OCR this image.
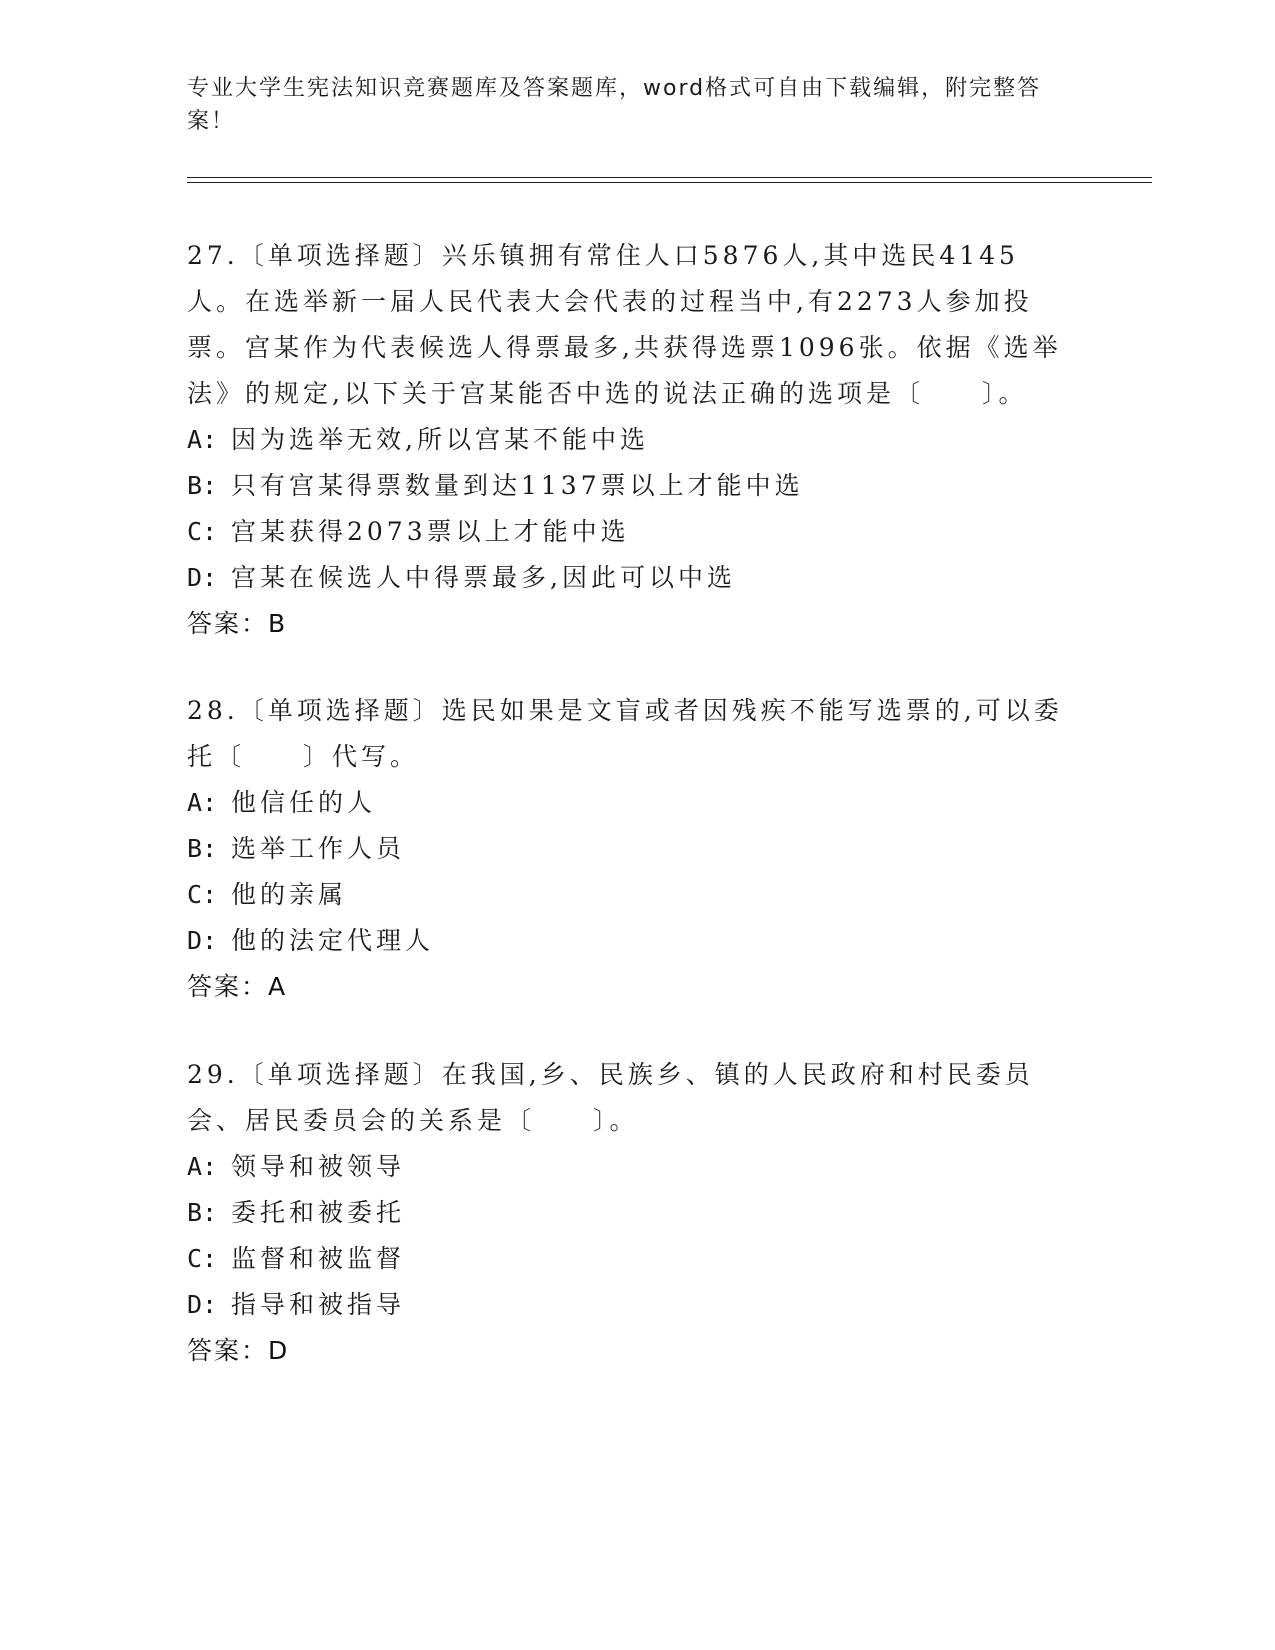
专业大学生宪法知识竞赛题库及答案题库，word格式可自由下载编辑，附完整答案！

27.〔单项选择题〕兴乐镇拥有常住人口5876人,其中选民4145人。在选举新一届人民代表大会代表的过程当中,有2273人参加投票。宫某作为代表候选人得票最多,共获得选票1096张。依据《选举法》的规定,以下关于宫某能否中选的说法正确的选项是〔　　〕。

A: 因为选举无效,所以宫某不能中选
B: 只有宫某得票数量到达1137票以上才能中选
C: 宫某获得2073票以上才能中选
D: 宫某在候选人中得票最多,因此可以中选

答案：B

28.〔单项选择题〕选民如果是文盲或者因残疾不能写选票的,可以委托〔　　〕代写。

A: 他信任的人
B: 选举工作人员
C: 他的亲属
D: 他的法定代理人

答案：A

29.〔单项选择题〕在我国,乡、民族乡、镇的人民政府和村民委员会、居民委员会的关系是〔　　〕。

A: 领导和被领导
B: 委托和被委托
C: 监督和被监督
D: 指导和被指导

答案：D
